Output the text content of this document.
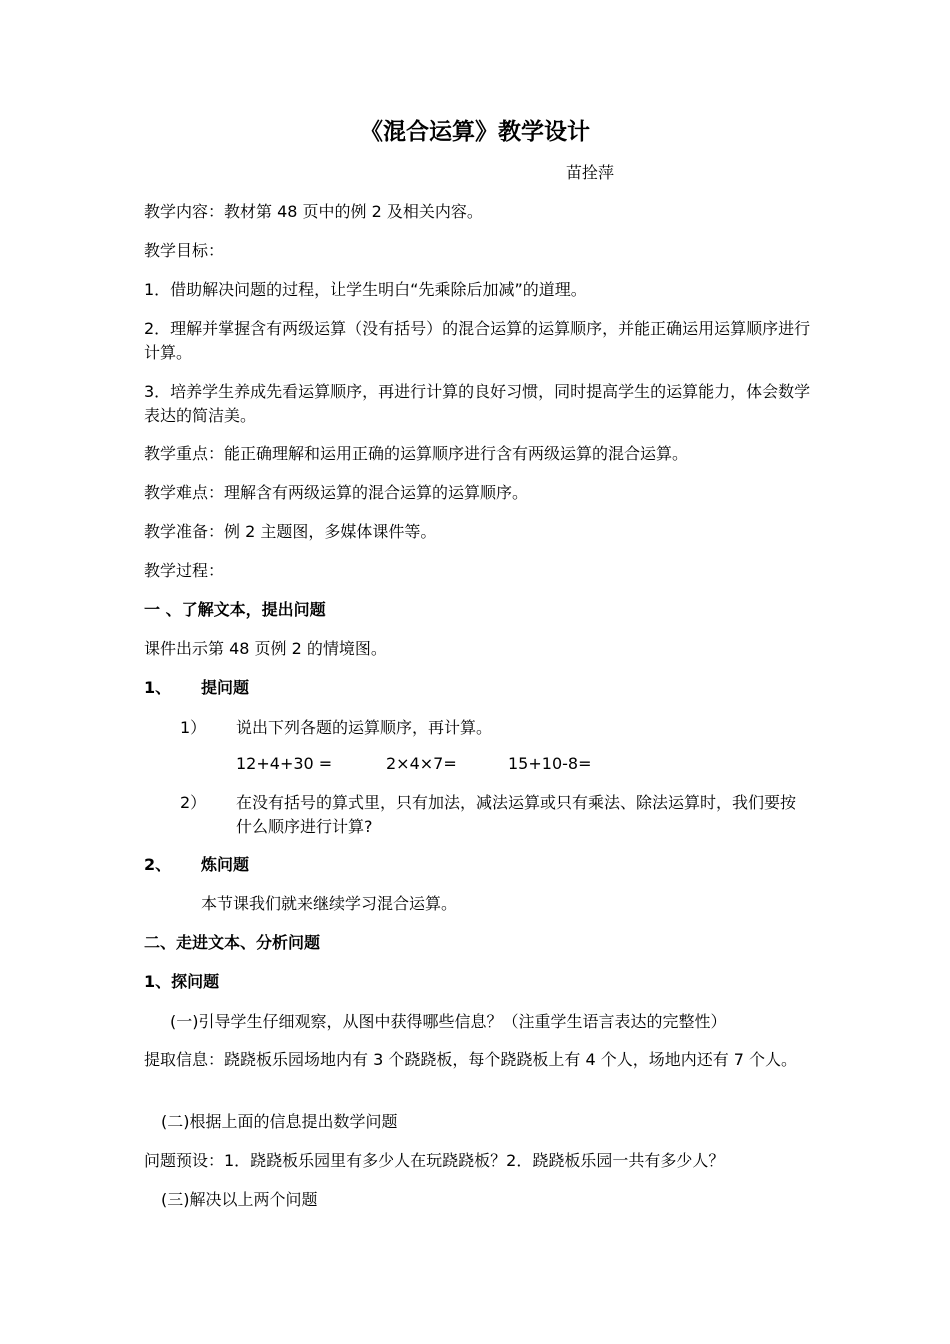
《混合运算》教学设计
苗拴萍
教学内容：教材第 48 页中的例 2 及相关内容。
教学目标：
1．借助解决问题的过程，让学生明白“先乘除后加减”的道理。
2．理解并掌握含有两级运算（没有括号）的混合运算的运算顺序，并能正确运用运算顺序进行计算。
3．培养学生养成先看运算顺序，再进行计算的良好习惯，同时提高学生的运算能力，体会数学表达的简洁美。
教学重点：能正确理解和运用正确的运算顺序进行含有两级运算的混合运算。
教学难点：理解含有两级运算的混合运算的运算顺序。
教学准备：例 2 主题图，多媒体课件等。
教学过程：
一 、了解文本，提出问题
课件出示第 48 页例 2 的情境图。
1、 提问题
1） 说出下列各题的运算顺序，再计算。
12+4+30 =	2×4×7=	15+10-8=
2） 在没有括号的算式里，只有加法，减法运算或只有乘法、除法运算时，我们要按什么顺序进行计算?
2、 炼问题
本节课我们就来继续学习混合运算。
二、走进文本、分析问题
1、探问题
(一)引导学生仔细观察，从图中获得哪些信息？（注重学生语言表达的完整性）
提取信息：跷跷板乐园场地内有 3 个跷跷板，每个跷跷板上有 4 个人，场地内还有 7 个人。
(二)根据上面的信息提出数学问题
问题预设：1．跷跷板乐园里有多少人在玩跷跷板？2．跷跷板乐园一共有多少人？
(三)解决以上两个问题
